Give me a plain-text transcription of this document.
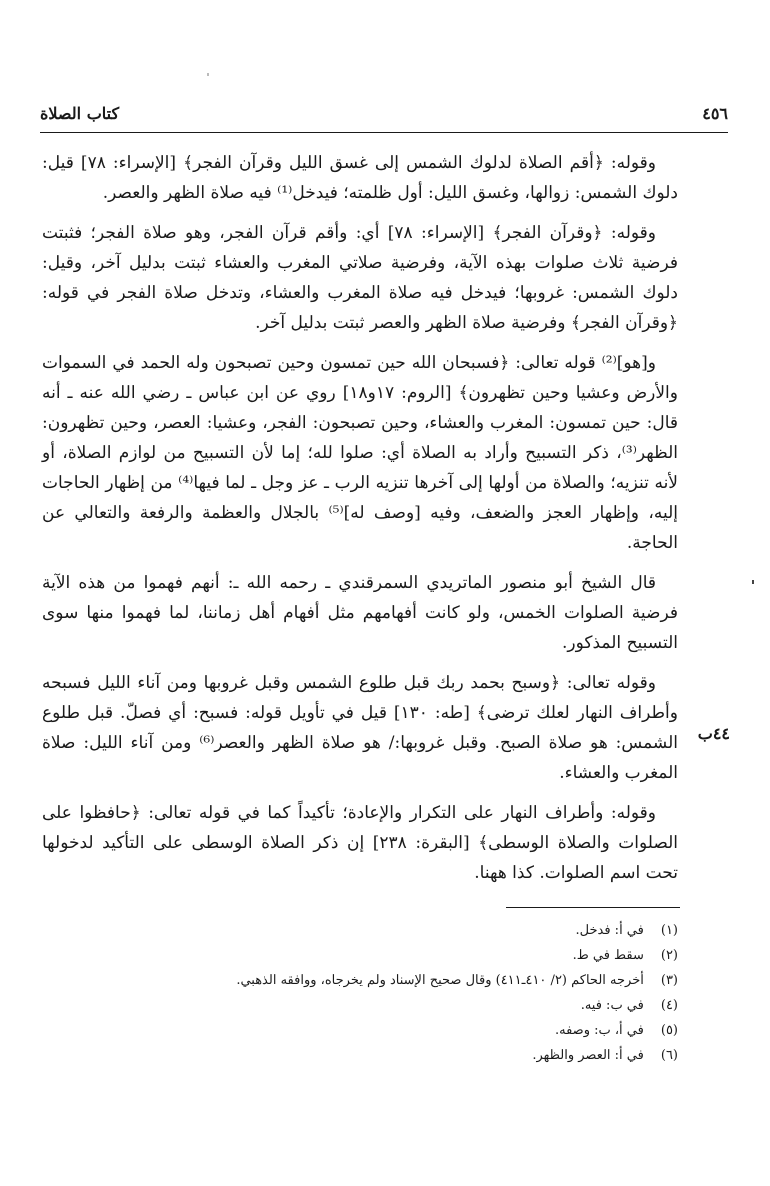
كتاب الصلاة	٤٥٦

وقوله: ﴿أقم الصلاة لدلوك الشمس إلى غسق الليل وقرآن الفجر﴾ [الإسراء: ٧٨] قيل: دلوك الشمس: زوالها، وغسق الليل: أول ظلمته؛ فيدخل⁽¹⁾ فيه صلاة الظهر والعصر.

وقوله: ﴿وقرآن الفجر﴾ [الإسراء: ٧٨] أي: وأقم قرآن الفجر، وهو صلاة الفجر؛ فثبتت فرضية ثلاث صلوات بهذه الآية، وفرضية صلاتي المغرب والعشاء ثبتت بدليل آخر، وقيل: دلوك الشمس: غروبها؛ فيدخل فيه صلاة المغرب والعشاء، وتدخل صلاة الفجر في قوله: ﴿وقرآن الفجر﴾ وفرضية صلاة الظهر والعصر ثبتت بدليل آخر.

و[هو]⁽²⁾ قوله تعالى: ﴿فسبحان الله حين تمسون وحين تصبحون وله الحمد في السموات والأرض وعشيا وحين تظهرون﴾ [الروم: ١٧و١٨] روي عن ابن عباس ـ رضي الله عنه ـ أنه قال: حين تمسون: المغرب والعشاء، وحين تصبحون: الفجر، وعشيا: العصر، وحين تظهرون: الظهر⁽³⁾، ذكر التسبيح وأراد به الصلاة أي: صلوا لله؛ إما لأن التسبيح من لوازم الصلاة، أو لأنه تنزيه؛ والصلاة من أولها إلى آخرها تنزيه الرب ـ عز وجل ـ لما فيها⁽⁴⁾ من إظهار الحاجات إليه، وإظهار العجز والضعف، وفيه [وصف له]⁽⁵⁾ بالجلال والعظمة والرفعة والتعالي عن الحاجة.

قال الشيخ أبو منصور الماتريدي السمرقندي ـ رحمه الله ـ: أنهم فهموا من هذه الآية فرضية الصلوات الخمس، ولو كانت أفهامهم مثل أفهام أهل زماننا، لما فهموا منها سوى التسبيح المذكور.

وقوله تعالى: ﴿وسبح بحمد ربك قبل طلوع الشمس وقبل غروبها ومن آناء الليل فسبحه وأطراف النهار لعلك ترضى﴾ [طه: ١٣٠] قيل في تأويل قوله: فسبح: أي فصلّ. قبل طلوع الشمس: هو صلاة الصبح. وقبل غروبها:/ هو صلاة الظهر والعصر⁽⁶⁾ ومن آناء الليل: صلاة المغرب والعشاء.

وقوله: وأطراف النهار على التكرار والإعادة؛ تأكيداً كما في قوله تعالى: ﴿حافظوا على الصلوات والصلاة الوسطى﴾ [البقرة: ٢٣٨] إن ذكر الصلاة الوسطى على التأكيد لدخولها تحت اسم الصلوات. كذا ههنا.

٤٤ب
(١) في أ: فدخل.
(٢) سقط في ط.
(٣) أخرجه الحاكم (٢/ ٤١٠ـ٤١١) وقال صحيح الإسناد ولم يخرجاه، ووافقه الذهبي.
(٤) في ب: فيه.
(٥) في أ، ب: وصفه.
(٦) في أ: العصر والظهر.
